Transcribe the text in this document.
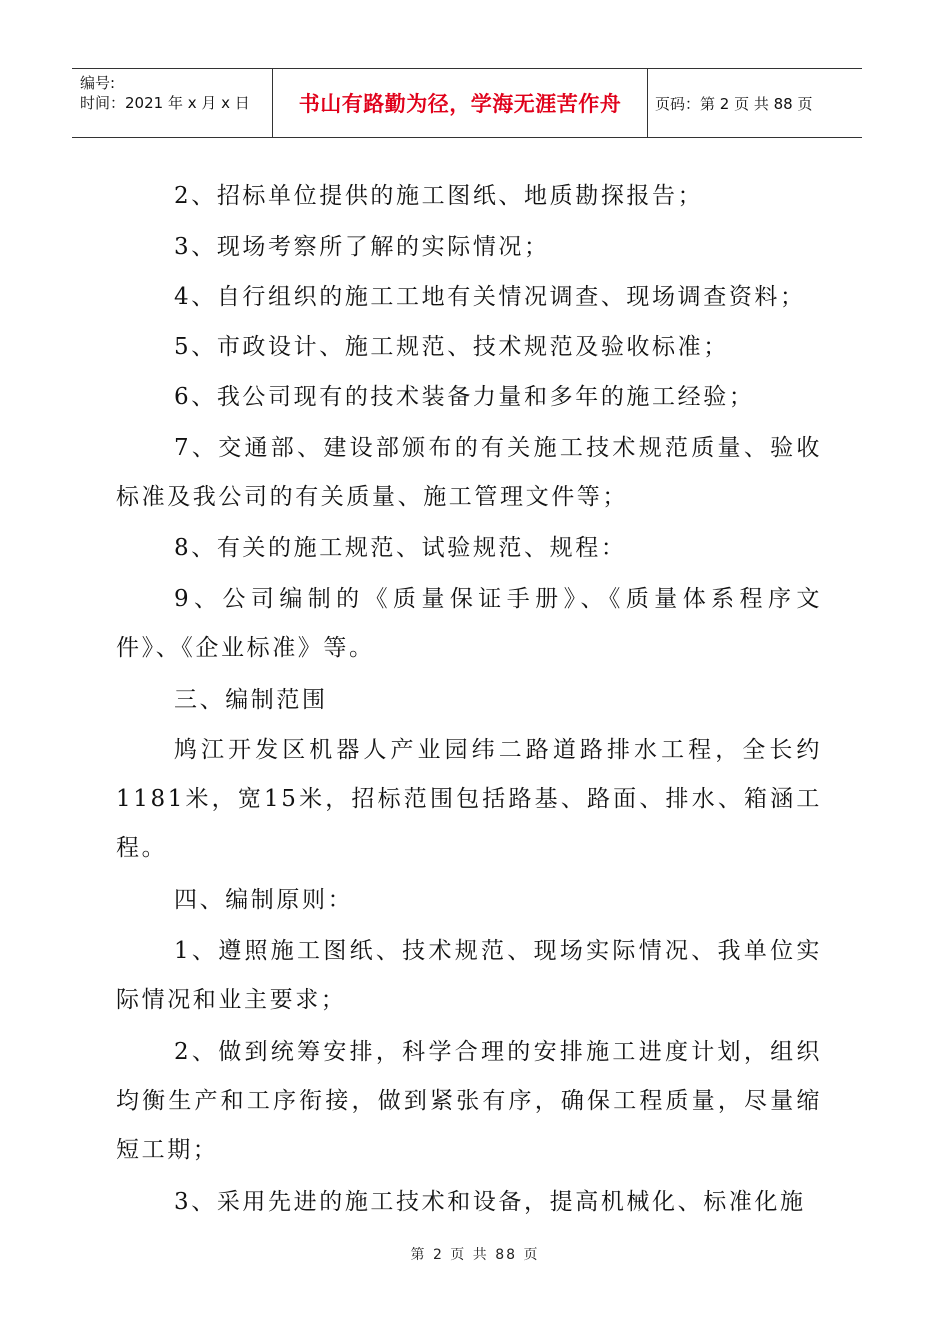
编号:
时间：2021 年 x 月 x 日	书山有路勤为径，学海无涯苦作舟	页码：第 2 页 共 88 页
2、招标单位提供的施工图纸、地质勘探报告；
3、现场考察所了解的实际情况；
4、自行组织的施工工地有关情况调查、现场调查资料；
5、市政设计、施工规范、技术规范及验收标准；
6、我公司现有的技术装备力量和多年的施工经验；
7、交通部、建设部颁布的有关施工技术规范质量、验收标准及我公司的有关质量、施工管理文件等；
8、有关的施工规范、试验规范、规程：
9、公司编制的《质量保证手册》、《质量体系程序文件》、《企业标准》等。
三、编制范围
鸠江开发区机器人产业园纬二路道路排水工程，全长约1181米，宽15米，招标范围包括路基、路面、排水、箱涵工程。
四、编制原则：
1、遵照施工图纸、技术规范、现场实际情况、我单位实际情况和业主要求；
2、做到统筹安排，科学合理的安排施工进度计划，组织均衡生产和工序衔接，做到紧张有序，确保工程质量，尽量缩短工期；
3、采用先进的施工技术和设备，提高机械化、标准化施
第 2 页 共 88 页
